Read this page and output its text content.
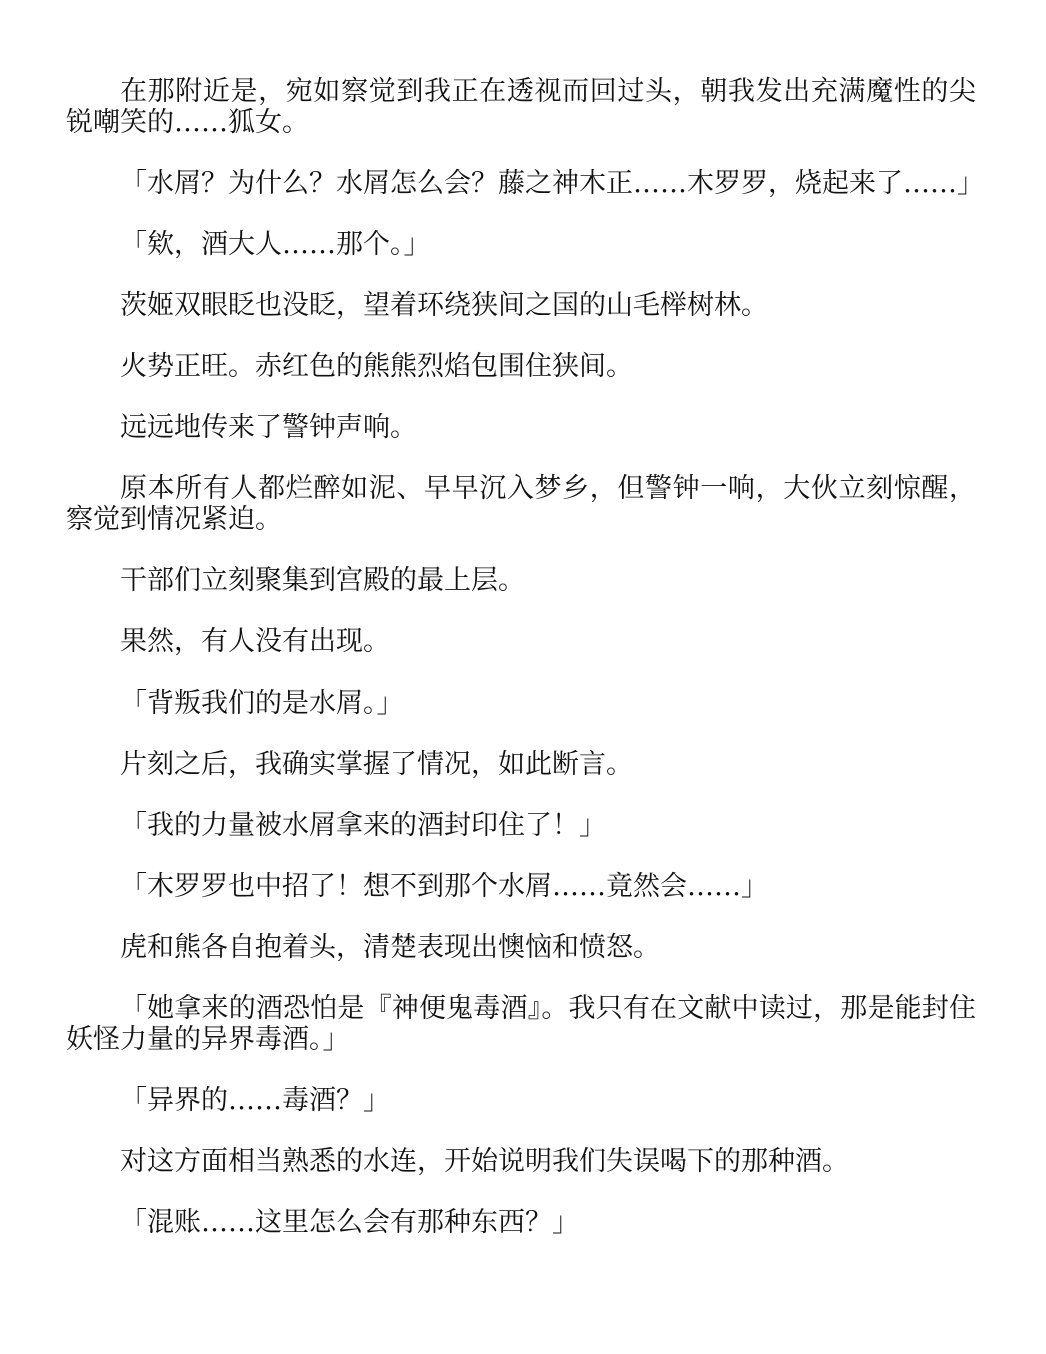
在那附近是，宛如察觉到我正在透视而回过头，朝我发出充满魔性的尖锐嘲笑的……狐女。

「水屑？为什么？水屑怎么会？藤之神木正……木罗罗，烧起来了……」

「欸，酒大人……那个。」

茨姬双眼眨也没眨，望着环绕狭间之国的山毛榉树林。

火势正旺。赤红色的熊熊烈焰包围住狭间。

远远地传来了警钟声响。

原本所有人都烂醉如泥、早早沉入梦乡，但警钟一响，大伙立刻惊醒，察觉到情况紧迫。

干部们立刻聚集到宫殿的最上层。

果然，有人没有出现。

「背叛我们的是水屑。」

片刻之后，我确实掌握了情况，如此断言。

「我的力量被水屑拿来的酒封印住了！」

「木罗罗也中招了！想不到那个水屑……竟然会……」

虎和熊各自抱着头，清楚表现出懊恼和愤怒。

「她拿来的酒恐怕是『神便鬼毒酒』。我只有在文献中读过，那是能封住妖怪力量的异界毒酒。」

「异界的……毒酒？」

对这方面相当熟悉的水连，开始说明我们失误喝下的那种酒。

「混账……这里怎么会有那种东西？」
